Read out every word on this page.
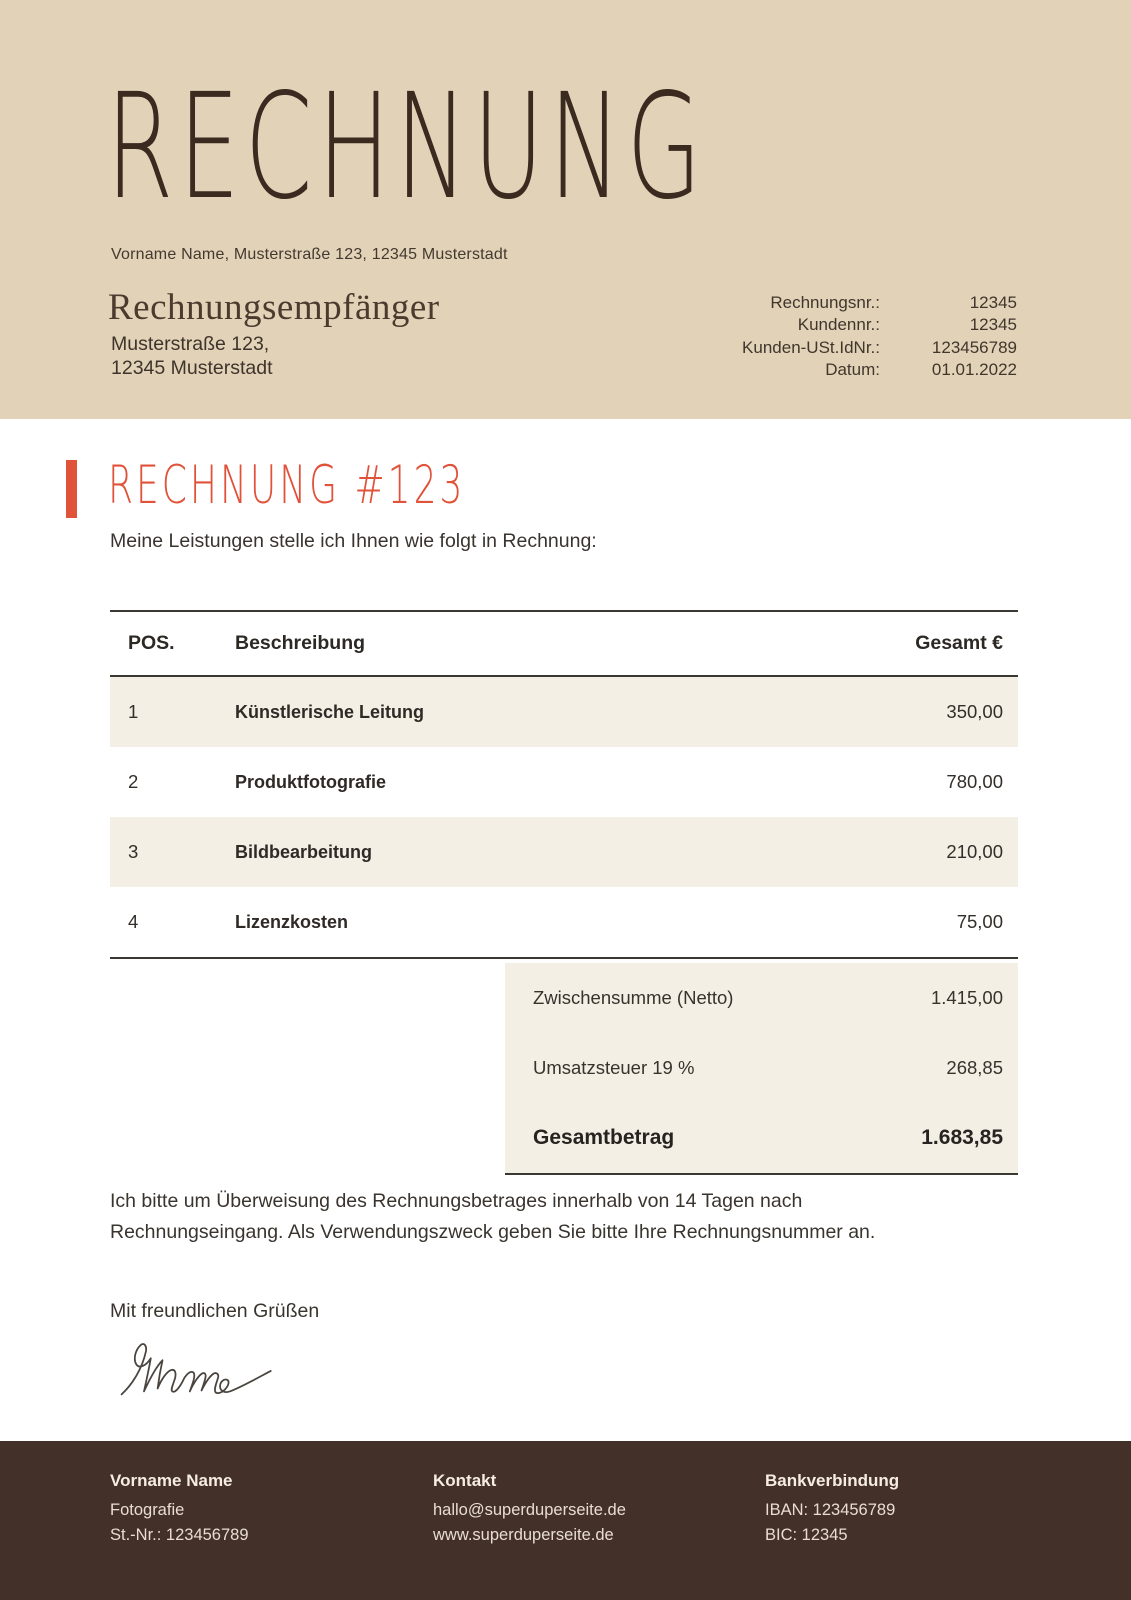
RECHNUNG
Vorname Name, Musterstraße 123, 12345 Musterstadt
Rechnungsempfänger
Musterstraße 123,
12345 Musterstadt
Rechnungsnr.:	12345
Kundennr.:	12345
Kunden-USt.IdNr.:	123456789
Datum:	01.01.2022
RECHNUNG #123
Meine Leistungen stelle ich Ihnen wie folgt in Rechnung:
POS.	Beschreibung	Gesamt €
1	Künstlerische Leitung	350,00
2	Produktfotografie	780,00
3	Bildbearbeitung	210,00
4	Lizenzkosten	75,00
Zwischensumme (Netto)	1.415,00
Umsatzsteuer 19 %	268,85
Gesamtbetrag	1.683,85

Ich bitte um Überweisung des Rechnungsbetrages innerhalb von 14 Tagen nach Rechnungseingang. Als Verwendungszweck geben Sie bitte Ihre Rechnungsnummer an.

Mit freundlichen Grüßen
Vorname Name
Fotografie
St.-Nr.: 123456789
Kontakt
hallo@superduperseite.de
www.superduperseite.de
Bankverbindung
IBAN: 123456789
BIC: 12345
